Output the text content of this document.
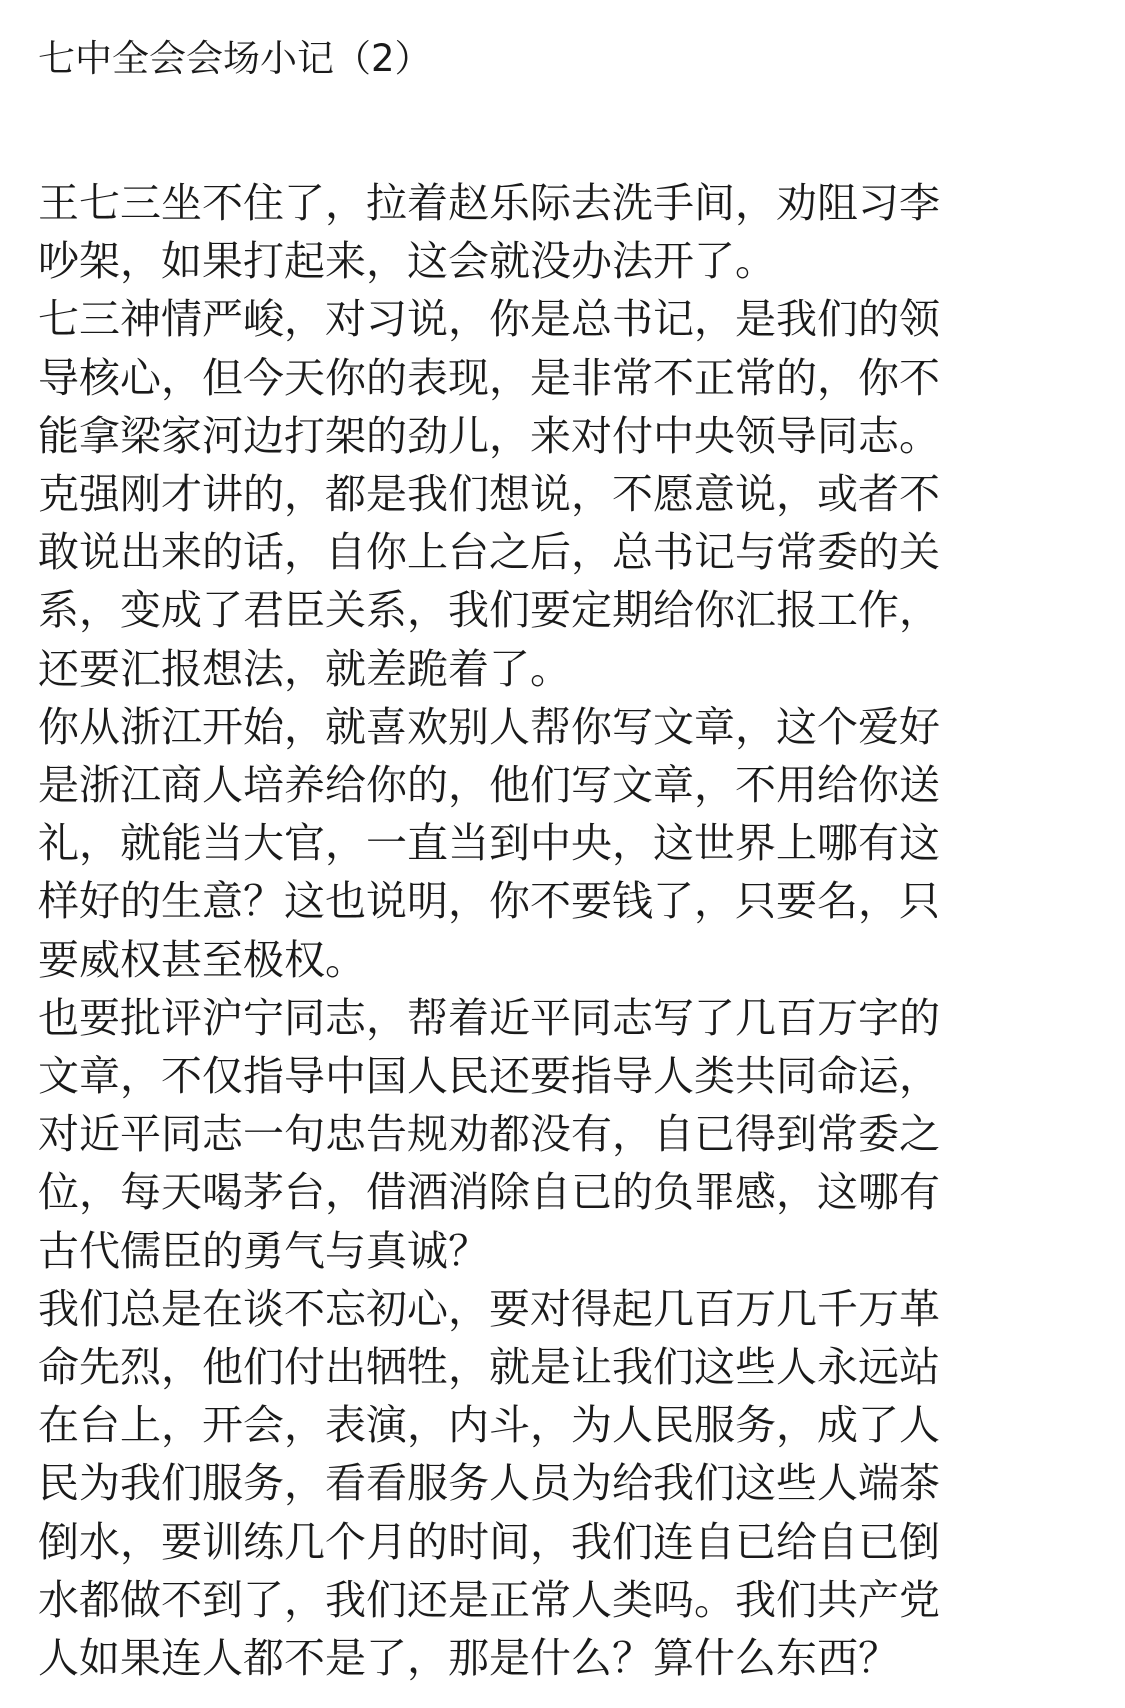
七中全会会场小记（2）
王七三坐不住了，拉着赵乐际去洗手间，劝阻习李
吵架，如果打起来，这会就没办法开了。
七三神情严峻，对习说，你是总书记，是我们的领
导核心，但今天你的表现，是非常不正常的，你不
能拿梁家河边打架的劲儿，来对付中央领导同志。
克强刚才讲的，都是我们想说，不愿意说，或者不
敢说出来的话，自你上台之后，总书记与常委的关
系，变成了君臣关系，我们要定期给你汇报工作，
还要汇报想法，就差跪着了。
你从浙江开始，就喜欢别人帮你写文章，这个爱好
是浙江商人培养给你的，他们写文章，不用给你送
礼，就能当大官，一直当到中央，这世界上哪有这
样好的生意？这也说明，你不要钱了，只要名，只
要威权甚至极权。
也要批评沪宁同志，帮着近平同志写了几百万字的
文章，不仅指导中国人民还要指导人类共同命运，
对近平同志一句忠告规劝都没有，自已得到常委之
位，每天喝茅台，借酒消除自已的负罪感，这哪有
古代儒臣的勇气与真诚？
我们总是在谈不忘初心，要对得起几百万几千万革
命先烈，他们付出牺牲，就是让我们这些人永远站
在台上，开会，表演，内斗，为人民服务，成了人
民为我们服务，看看服务人员为给我们这些人端茶
倒水，要训练几个月的时间，我们连自已给自已倒
水都做不到了，我们还是正常人类吗。我们共产党
人如果连人都不是了，那是什么？算什么东西？
